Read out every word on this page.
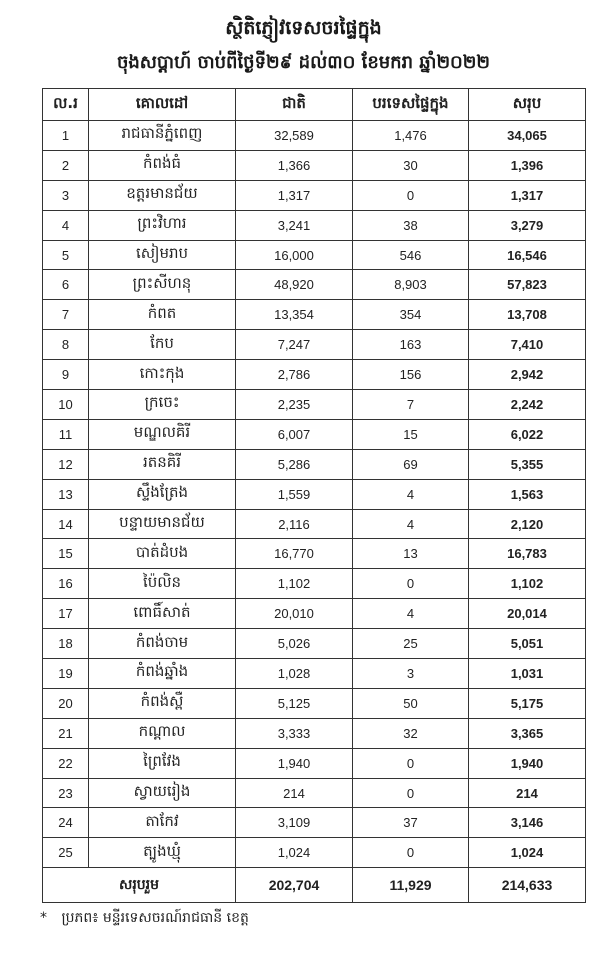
ស្ថិតិភ្ញៀវទេសចរផ្ទៃក្នុង
ចុងសប្តាហ៍ ចាប់ពីថ្ងៃទី២៩ ដល់៣០ ខែមករា ឆ្នាំ២០២២
ល.រ	គោលដៅ	ជាតិ	បរទេសផ្ទៃក្នុង	សរុប
1	រាជធានីភ្នំពេញ	32,589	1,476	34,065
2	កំពង់ធំ	1,366	30	1,396
3	ឧត្តរមានជ័យ	1,317	0	1,317
4	ព្រះវិហារ	3,241	38	3,279
5	សៀមរាប	16,000	546	16,546
6	ព្រះសីហនុ	48,920	8,903	57,823
7	កំពត	13,354	354	13,708
8	កែប	7,247	163	7,410
9	កោះកុង	2,786	156	2,942
10	ក្រចេះ	2,235	7	2,242
11	មណ្ឌលគិរី	6,007	15	6,022
12	រតនគិរី	5,286	69	5,355
13	ស្ទឹងត្រែង	1,559	4	1,563
14	បន្ទាយមានជ័យ	2,116	4	2,120
15	បាត់ដំបង	16,770	13	16,783
16	ប៉ៃលិន	1,102	0	1,102
17	ពោធិ៍សាត់	20,010	4	20,014
18	កំពង់ចាម	5,026	25	5,051
19	កំពង់ឆ្នាំង	1,028	3	1,031
20	កំពង់ស្ពឺ	5,125	50	5,175
21	កណ្តាល	3,333	32	3,365
22	ព្រៃវែង	1,940	0	1,940
23	ស្វាយរៀង	214	0	214
24	តាកែវ	3,109	37	3,146
25	ត្បូងឃ្មុំ	1,024	0	1,024
សរុបរួម		202,704	11,929	214,633
* ប្រភព៖ មន្ទីរទេសចរណ៍រាជធានី ខេត្ត
